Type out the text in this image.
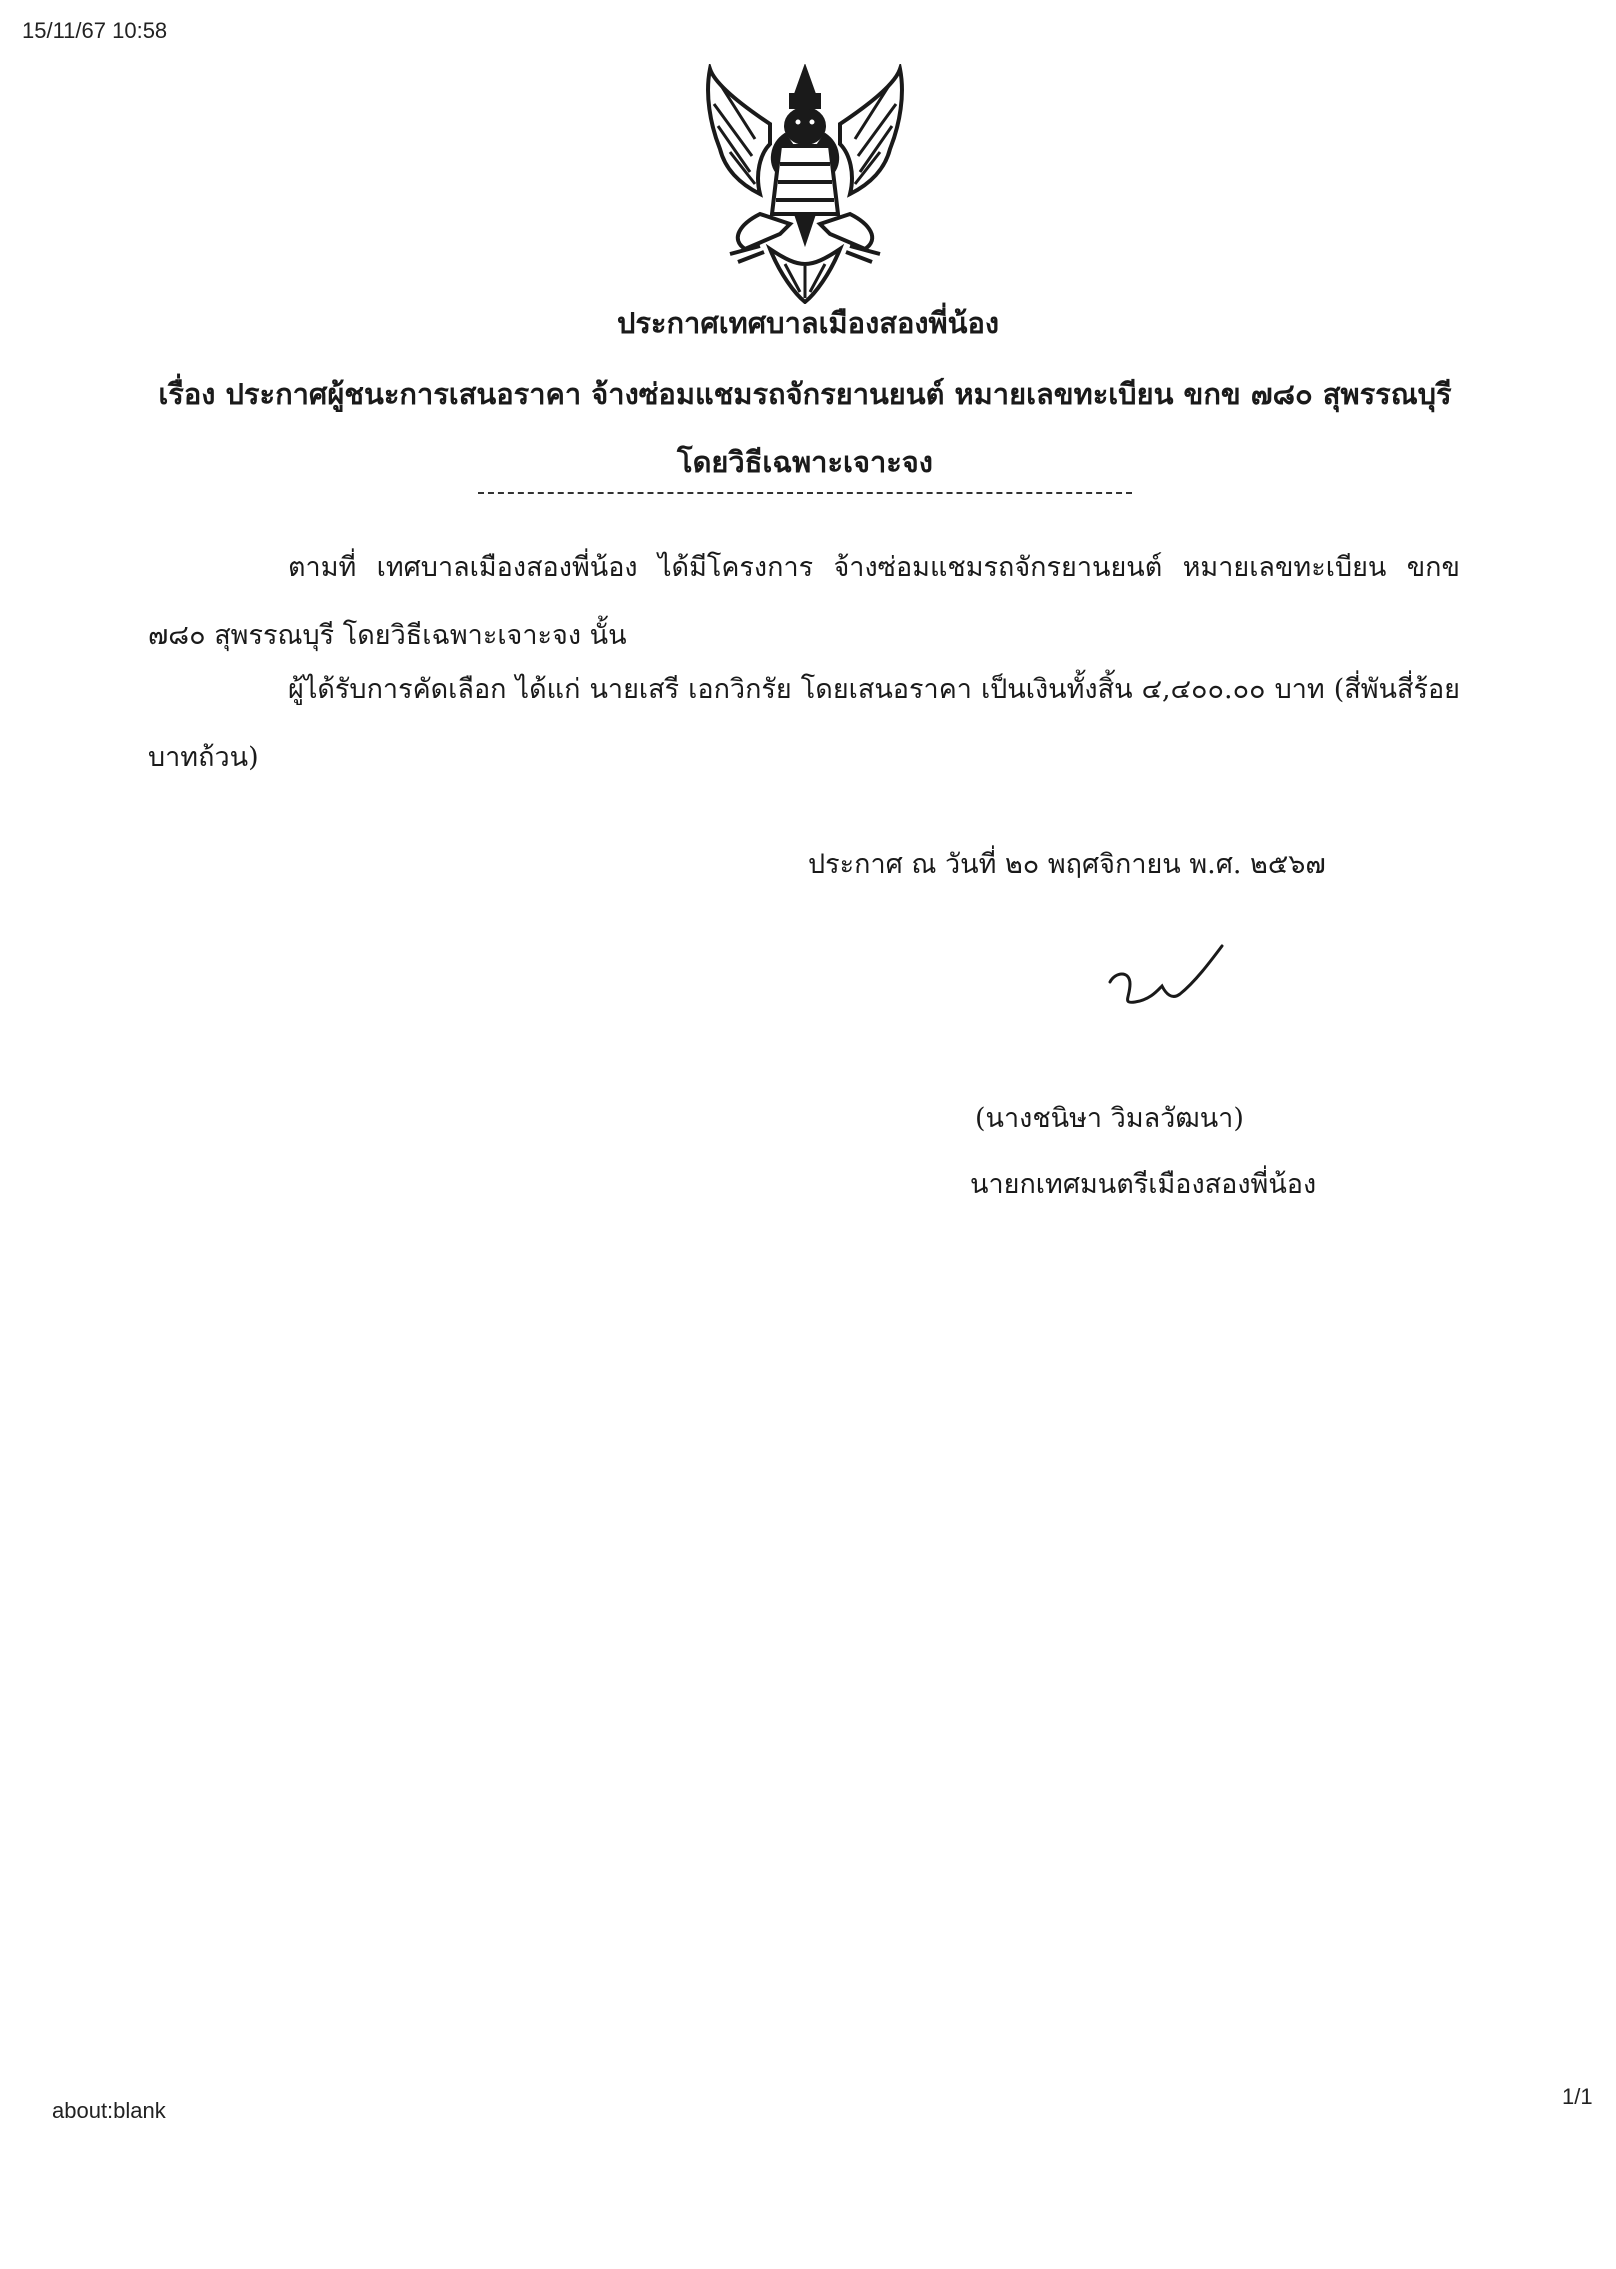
15/11/67 10:58
ประกาศเทศบาลเมืองสองพี่น้อง
เรื่อง ประกาศผู้ชนะการเสนอราคา จ้างซ่อมแชมรถจักรยานยนต์ หมายเลขทะเบียน ขกข ๗๘๐ สุพรรณบุรี โดยวิธีเฉพาะเจาะจง
ตามที่ เทศบาลเมืองสองพี่น้อง ได้มีโครงการ จ้างซ่อมแชมรถจักรยานยนต์ หมายเลขทะเบียน ขกข ๗๘๐ สุพรรณบุรี โดยวิธีเฉพาะเจาะจง นั้น
ผู้ได้รับการคัดเลือก ได้แก่ นายเสรี เอกวิกรัย โดยเสนอราคา เป็นเงินทั้งสิ้น ๔,๔๐๐.๐๐ บาท (สี่พันสี่ร้อยบาทถ้วน)
ประกาศ ณ วันที่ ๒๐ พฤศจิกายน พ.ศ. ๒๕๖๗
(นางชนิษา วิมลวัฒนา)
นายกเทศมนตรีเมืองสองพี่น้อง
about:blank
1/1
